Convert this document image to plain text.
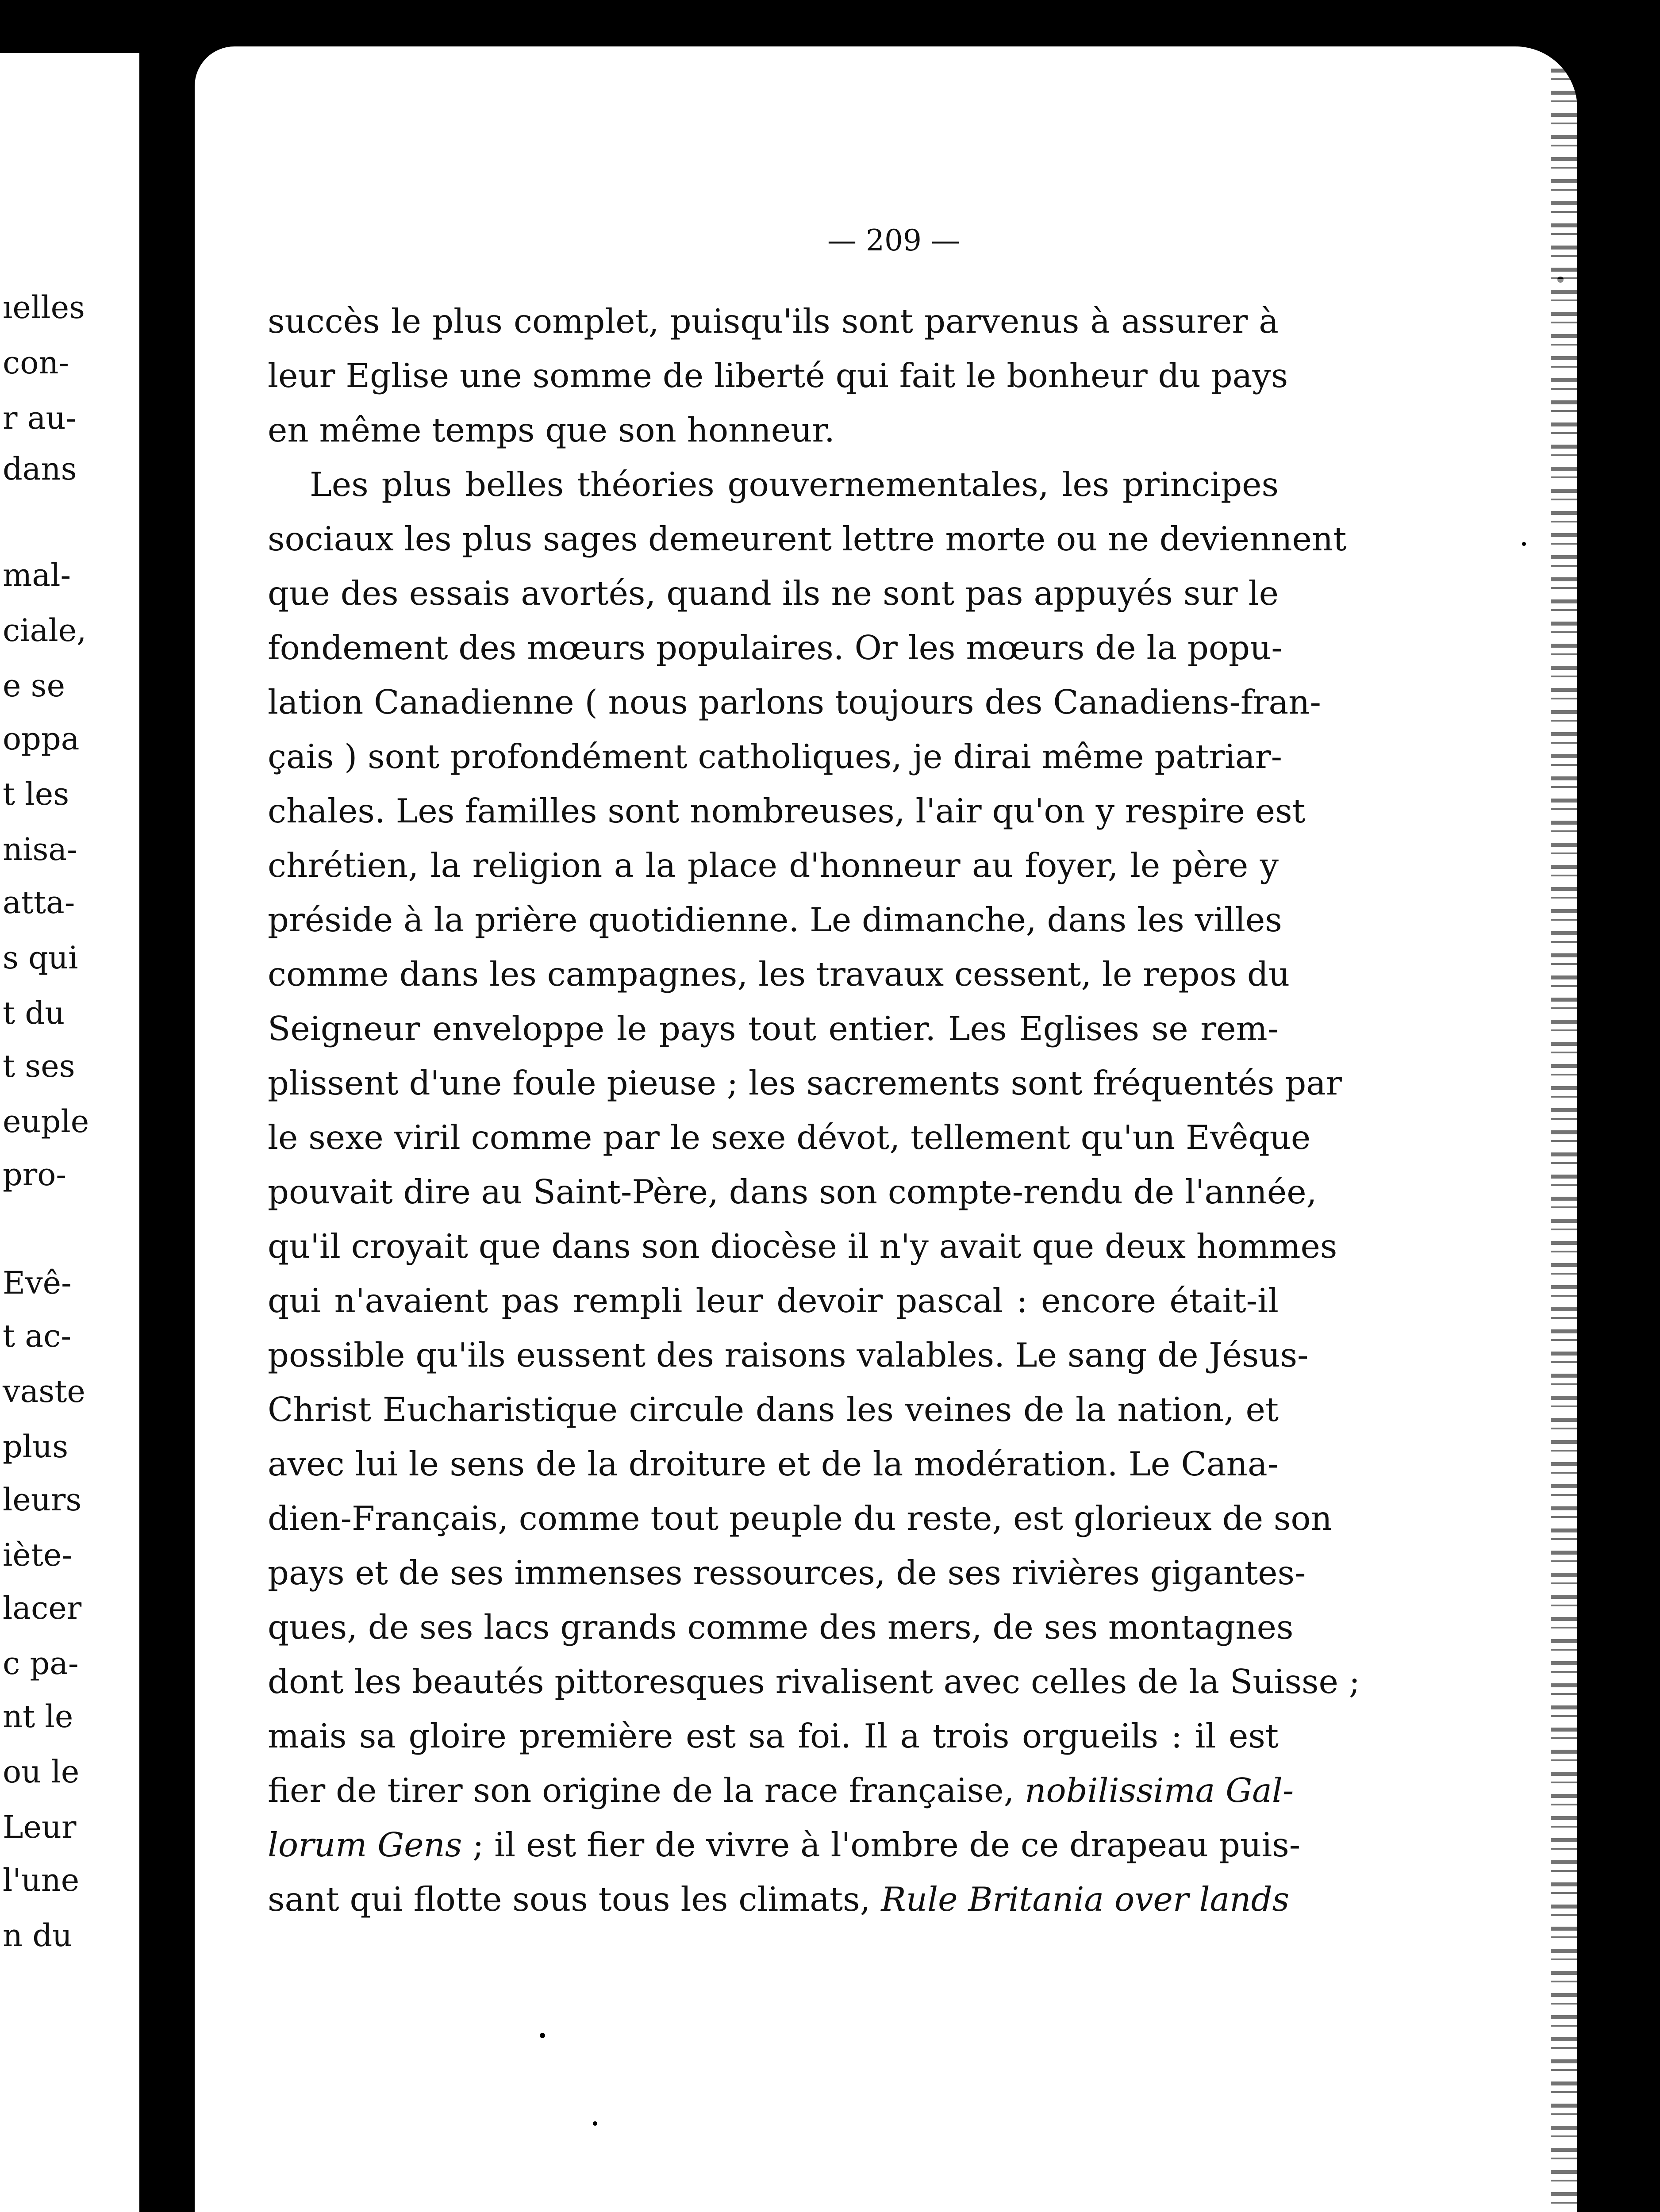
ıelles
con-
r au-
dans
mal-
ciale,
e se
oppa
t les
nisa-
atta-
s qui
t du
t ses
euple
pro-
Evê-
t ac-
vaste
plus
leurs
iète-
lacer
c pa-
nt le
ou le
Leur
l'une
n du
— 209 —
succès le plus complet, puisqu'ils sont parvenus à assurer à
leur Eglise une somme de liberté qui fait le bonheur du pays
en même temps que son honneur.
Les plus belles théories gouvernementales, les principes
sociaux les plus sages demeurent lettre morte ou ne deviennent
que des essais avortés, quand ils ne sont pas appuyés sur le
fondement des mœurs populaires. Or les mœurs de la popu-
lation Canadienne ( nous parlons toujours des Canadiens-fran-
çais ) sont profondément catholiques, je dirai même patriar-
chales. Les familles sont nombreuses, l'air qu'on y respire est
chrétien, la religion a la place d'honneur au foyer, le père y
préside à la prière quotidienne. Le dimanche, dans les villes
comme dans les campagnes, les travaux cessent, le repos du
Seigneur enveloppe le pays tout entier. Les Eglises se rem-
plissent d'une foule pieuse ; les sacrements sont fréquentés par
le sexe viril comme par le sexe dévot, tellement qu'un Evêque
pouvait dire au Saint-Père, dans son compte-rendu de l'année,
qu'il croyait que dans son diocèse il n'y avait que deux hommes
qui n'avaient pas rempli leur devoir pascal : encore était-il
possible qu'ils eussent des raisons valables. Le sang de Jésus-
Christ Eucharistique circule dans les veines de la nation, et
avec lui le sens de la droiture et de la modération. Le Cana-
dien-Français, comme tout peuple du reste, est glorieux de son
pays et de ses immenses ressources, de ses rivières gigantes-
ques, de ses lacs grands comme des mers, de ses montagnes
dont les beautés pittoresques rivalisent avec celles de la Suisse ;
mais sa gloire première est sa foi. Il a trois orgueils : il est
fier de tirer son origine de la race française, nobilissima Gal-
lorum Gens ; il est fier de vivre à l'ombre de ce drapeau puis-
sant qui flotte sous tous les climats, Rule Britania over lands
